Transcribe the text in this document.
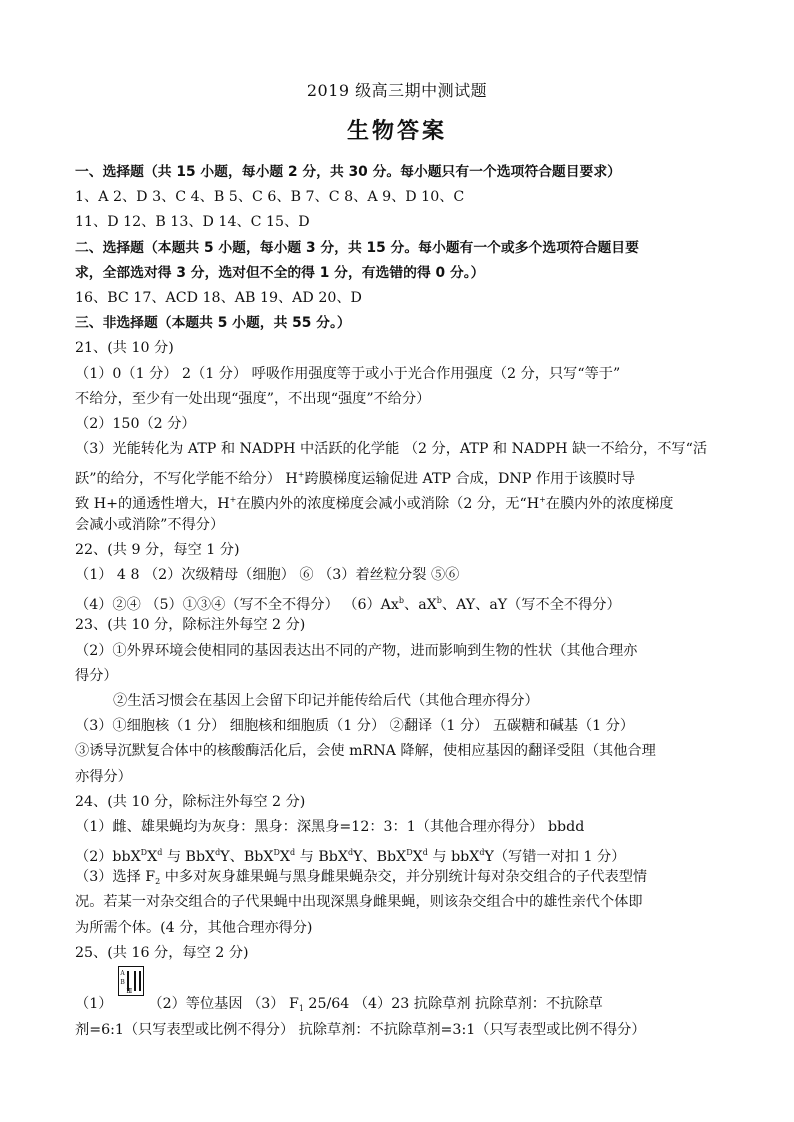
2019 级高三期中测试题
生物答案
一、选择题（共 15 小题，每小题 2 分，共 30 分。每小题只有一个选项符合题目要求）
1、A 2、D 3、C 4、B 5、C 6、B 7、C 8、A 9、D 10、C
11、D 12、B 13、D 14、C 15、D
二、选择题（本题共 5 小题，每小题 3 分，共 15 分。每小题有一个或多个选项符合题目要
求，全部选对得 3 分，选对但不全的得 1 分，有选错的得 0 分。）
16、BC 17、ACD 18、AB 19、AD 20、D
三、非选择题（本题共 5 小题，共 55 分。）
21、(共 10 分)
（1）0（1 分） 2（1 分） 呼吸作用强度等于或小于光合作用强度（2 分，只写“等于”
不给分，至少有一处出现“强度”，不出现“强度”不给分）
（2）150（2 分）
（3）光能转化为 ATP 和 NADPH 中活跃的化学能 （2 分，ATP 和 NADPH 缺一不给分，不写“活
跃”的给分，不写化学能不给分） H+跨膜梯度运输促进 ATP 合成，DNP 作用于该膜时导
致 H+的通透性增大，H+在膜内外的浓度梯度会减小或消除（2 分，无“H+在膜内外的浓度梯度
会减小或消除”不得分）
22、(共 9 分，每空 1 分)
（1） 4 8 （2）次级精母（细胞） ⑥ （3）着丝粒分裂 ⑤⑥
（4）②④ （5）①③④（写不全不得分） （6）Ax$^b$、$aX^b$、AY、aY（写不全不得分）
23、(共 10 分，除标注外每空 2 分)
（2）①外界环境会使相同的基因表达出不同的产物，进而影响到生物的性状（其他合理亦
得分）
②生活习惯会在基因上会留下印记并能传给后代（其他合理亦得分）
（3）①细胞核（1 分） 细胞核和细胞质（1 分） ②翻译（1 分） 五碳糖和碱基（1 分）
③诱导沉默复合体中的核酸酶活化后，会使 mRNA 降解，使相应基因的翻译受阻（其他合理
亦得分）
24、(共 10 分，除标注外每空 2 分)
（1）雌、雄果蝇均为灰身：黑身：深黑身=12：3：1（其他合理亦得分） bbdd
$(2)bbX^DX^d$ 与 BbX$^d$Y、$BbX^DX^d$ 与 BbX$^d$Y、$BbX^DX^d$ 与 bbX$^d$Y（写错一对扣 1 分）
（3）选择 $F_2$ 中多对灰身雄果蝇与黑身雌果蝇杂交，并分别统计每对杂交组合的子代表型情
况。若某一对杂交组合的子代果蝇中出现深黑身雌果蝇，则该杂交组合中的雄性亲代个体即
为所需个体。(4 分，其他合理亦得分)
25、(共 16 分，每空 2 分)
（1）
A
B
Ⅲ
（2）等位基因 （3） $F_1$ 25/64 （4）23 抗除草剂 抗除草剂：不抗除草
剂=6:1（只写表型或比例不得分） 抗除草剂：不抗除草剂=3:1（只写表型或比例不得分）
